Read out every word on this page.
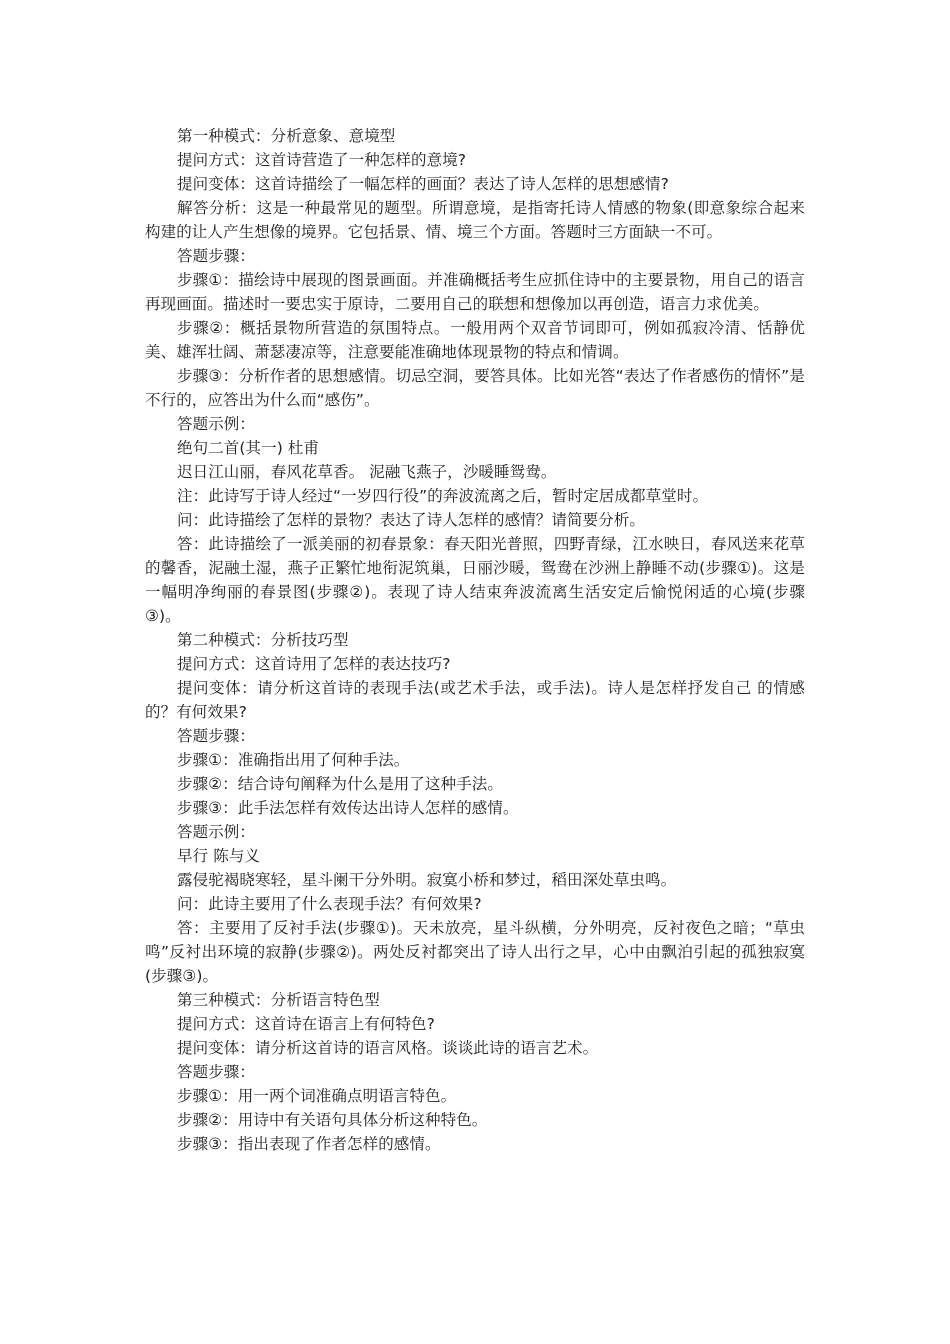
第一种模式：分析意象、意境型

提问方式：这首诗营造了一种怎样的意境?

提问变体：这首诗描绘了一幅怎样的画面？表达了诗人怎样的思想感情?

解答分析：这是一种最常见的题型。所谓意境，是指寄托诗人情感的物象(即意象综合起来构建的让人产生想像的境界。它包括景、情、境三个方面。答题时三方面缺一不可。

答题步骤：

步骤①：描绘诗中展现的图景画面。并准确概括考生应抓住诗中的主要景物，用自己的语言再现画面。描述时一要忠实于原诗，二要用自己的联想和想像加以再创造，语言力求优美。

步骤②：概括景物所营造的氛围特点。一般用两个双音节词即可，例如孤寂冷清、恬静优 美、雄浑壮阔、萧瑟凄凉等，注意要能准确地体现景物的特点和情调。

步骤③：分析作者的思想感情。切忌空洞，要答具体。比如光答“表达了作者感伤的情怀”是不行的，应答出为什么而“感伤”。

答题示例：

绝句二首(其一) 杜甫

迟日江山丽，春风花草香。 泥融飞燕子，沙暖睡鸳鸯。

注：此诗写于诗人经过“一岁四行役”的奔波流离之后，暂时定居成都草堂时。

问：此诗描绘了怎样的景物？表达了诗人怎样的感情？请简要分析。

答：此诗描绘了一派美丽的初春景象：春天阳光普照，四野青绿，江水映日，春风送来花草的馨香，泥融土湿，燕子正繁忙地衔泥筑巢，日丽沙暖，鸳鸯在沙洲上静睡不动(步骤①)。这是一幅明净绚丽的春景图(步骤②)。表现了诗人结束奔波流离生活安定后愉悦闲适的心境(步骤③)。

第二种模式：分析技巧型

提问方式：这首诗用了怎样的表达技巧?

提问变体：请分析这首诗的表现手法(或艺术手法，或手法)。诗人是怎样抒发自己 的情感的？有何效果?

答题步骤：

步骤①：准确指出用了何种手法。

步骤②：结合诗句阐释为什么是用了这种手法。

步骤③：此手法怎样有效传达出诗人怎样的感情。

答题示例：

早行 陈与义

露侵驼褐晓寒轻，星斗阑干分外明。寂寞小桥和梦过，稻田深处草虫鸣。

问：此诗主要用了什么表现手法？有何效果?

答：主要用了反衬手法(步骤①)。天未放亮，星斗纵横，分外明亮，反衬夜色之暗；“草虫鸣”反衬出环境的寂静(步骤②)。两处反衬都突出了诗人出行之早，心中由飘泊引起的孤独寂寞(步骤③)。

第三种模式：分析语言特色型

提问方式：这首诗在语言上有何特色?

提问变体：请分析这首诗的语言风格。谈谈此诗的语言艺术。

答题步骤：

步骤①：用一两个词准确点明语言特色。

步骤②：用诗中有关语句具体分析这种特色。

步骤③：指出表现了作者怎样的感情。
